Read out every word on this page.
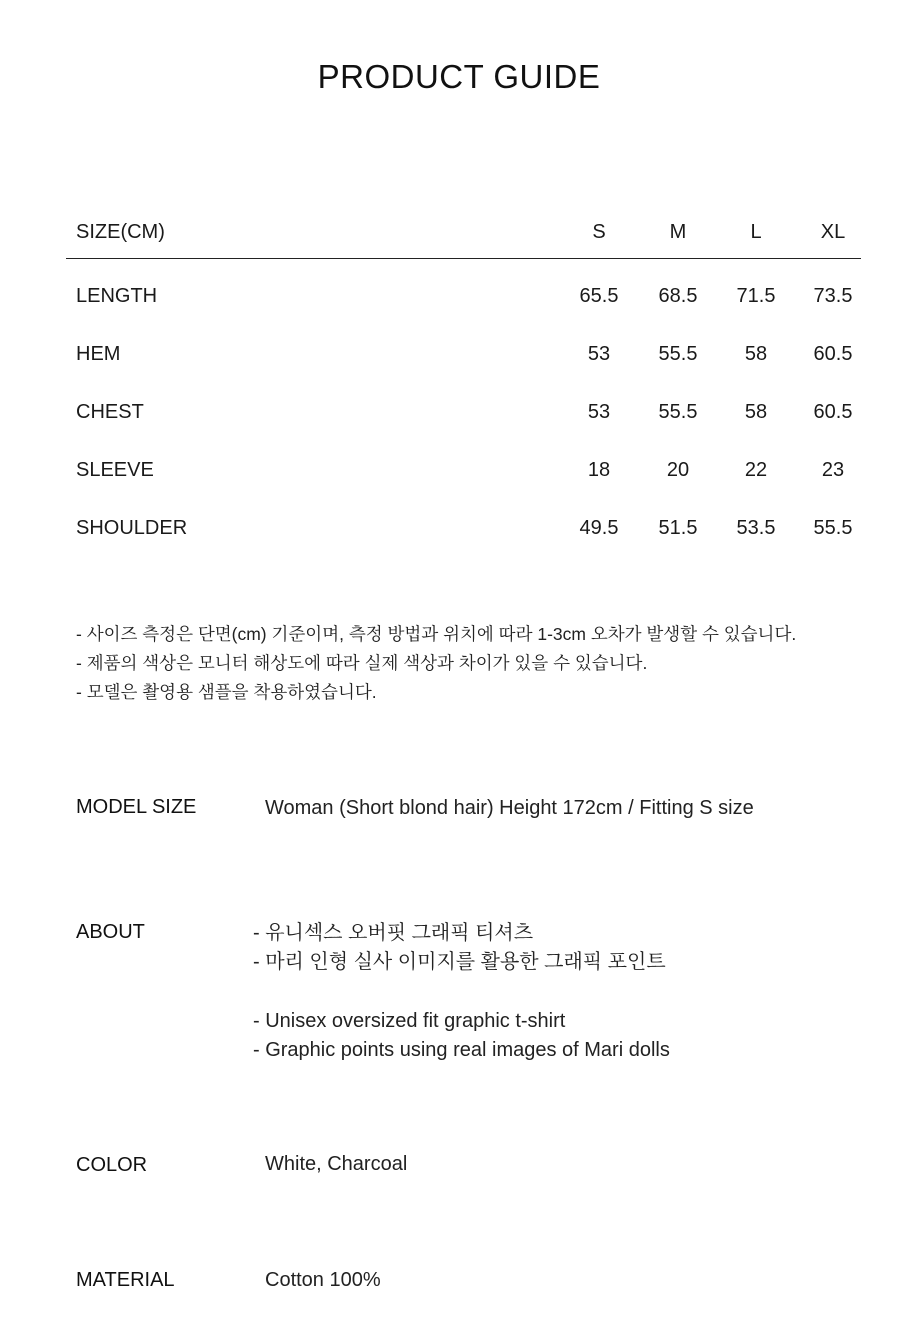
PRODUCT GUIDE
SIZE(CM)	S	M	L	XL
LENGTH	65.5	68.5	71.5	73.5
HEM	53	55.5	58	60.5
CHEST	53	55.5	58	60.5
SLEEVE	18	20	22	23
SHOULDER	49.5	51.5	53.5	55.5
- 사이즈 측정은 단면(cm) 기준이며, 측정 방법과 위치에 따라 1-3cm 오차가 발생할 수 있습니다.
- 제품의 색상은 모니터 해상도에 따라 실제 색상과 차이가 있을 수 있습니다.
- 모델은 촬영용 샘플을 착용하였습니다.
MODEL SIZE	Woman (Short blond hair) Height 172cm / Fitting S size
ABOUT	- 유니섹스 오버핏 그래픽 티셔츠
- 마리 인형 실사 이미지를 활용한 그래픽 포인트
- Unisex oversized fit graphic t-shirt
- Graphic points using real images of Mari dolls
COLOR	White, Charcoal
MATERIAL	Cotton 100%
